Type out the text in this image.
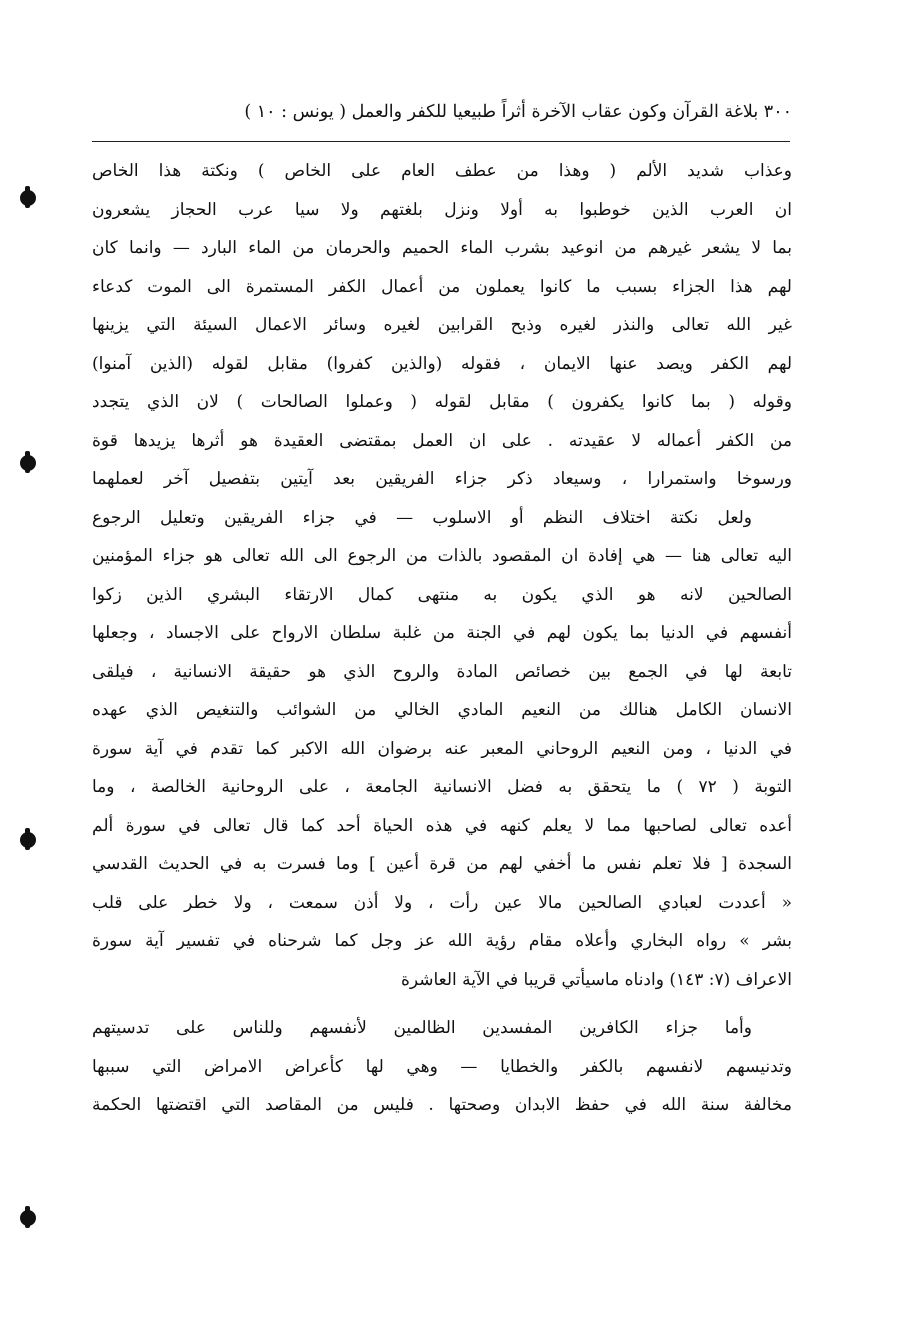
٣٠٠ بلاغة القرآن وكون عقاب الآخرة أثراً طبيعيا للكفر والعمل ( يونس : ١٠ )
وعذاب شديد الألم ( وهذا من عطف العام على الخاص ) ونكتة هذا الخاص
ان العرب الذين خوطبوا به أولا ونزل بلغتهم ولا سيا عرب الحجاز يشعرون
بما لا يشعر غيرهم من انوعيد بشرب الماء الحميم والحرمان من الماء البارد — وانما كان
لهم هذا الجزاء بسبب ما كانوا يعملون من أعمال الكفر المستمرة الى الموت كدعاء
غير الله تعالى والنذر لغيره وذبح القرابين لغيره وسائر الاعمال السيئة التي يزينها
لهم الكفر ويصد عنها الايمان ، فقوله (والذين كفروا) مقابل لقوله (الذين آمنوا)
وقوله ( بما كانوا يكفرون ) مقابل لقوله ( وعملوا الصالحات ) لان الذي يتجدد
من الكفر أعماله لا عقيدته . على ان العمل بمقتضى العقيدة هو أثرها يزيدها قوة
ورسوخا واستمرارا ، وسيعاد ذكر جزاء الفريقين بعد آيتين بتفصيل آخر لعملهما
ولعل نكتة اختلاف النظم أو الاسلوب — في جزاء الفريقين وتعليل الرجوع
اليه تعالى هنا — هي إفادة ان المقصود بالذات من الرجوع الى الله تعالى هو جزاء المؤمنين
الصالحين لانه هو الذي يكون به منتهى كمال الارتقاء البشري الذين زكوا
أنفسهم في الدنيا بما يكون لهم في الجنة من غلبة سلطان الارواح على الاجساد ، وجعلها
تابعة لها في الجمع بين خصائص المادة والروح الذي هو حقيقة الانسانية ، فيلقى
الانسان الكامل هنالك من النعيم المادي الخالي من الشوائب والتنغيص الذي عهده
في الدنيا ، ومن النعيم الروحاني المعبر عنه برضوان الله الاكبر كما تقدم في آية سورة
التوبة ( ٧٢ ) ما يتحقق به فضل الانسانية الجامعة ، على الروحانية الخالصة ، وما
أعده تعالى لصاحبها مما لا يعلم كنهه في هذه الحياة أحد كما قال تعالى في سورة ألم
السجدة [ فلا تعلم نفس ما أخفي لهم من قرة أعين ] وما فسرت به في الحديث القدسي
« أعددت لعبادي الصالحين مالا عين رأت ، ولا أذن سمعت ، ولا خطر على قلب
بشر » رواه البخاري وأعلاه مقام رؤية الله عز وجل كما شرحناه في تفسير آية سورة
الاعراف (٧: ١٤٣) وادناه ماسيأتي قريبا في الآية العاشرة
وأما جزاء الكافرين المفسدين الظالمين لأنفسهم وللناس على تدسيتهم
وتدنيسهم لانفسهم بالكفر والخطايا — وهي لها كأعراض الامراض التي سببها
مخالفة سنة الله في حفظ الابدان وصحتها . فليس من المقاصد التي اقتضتها الحكمة
